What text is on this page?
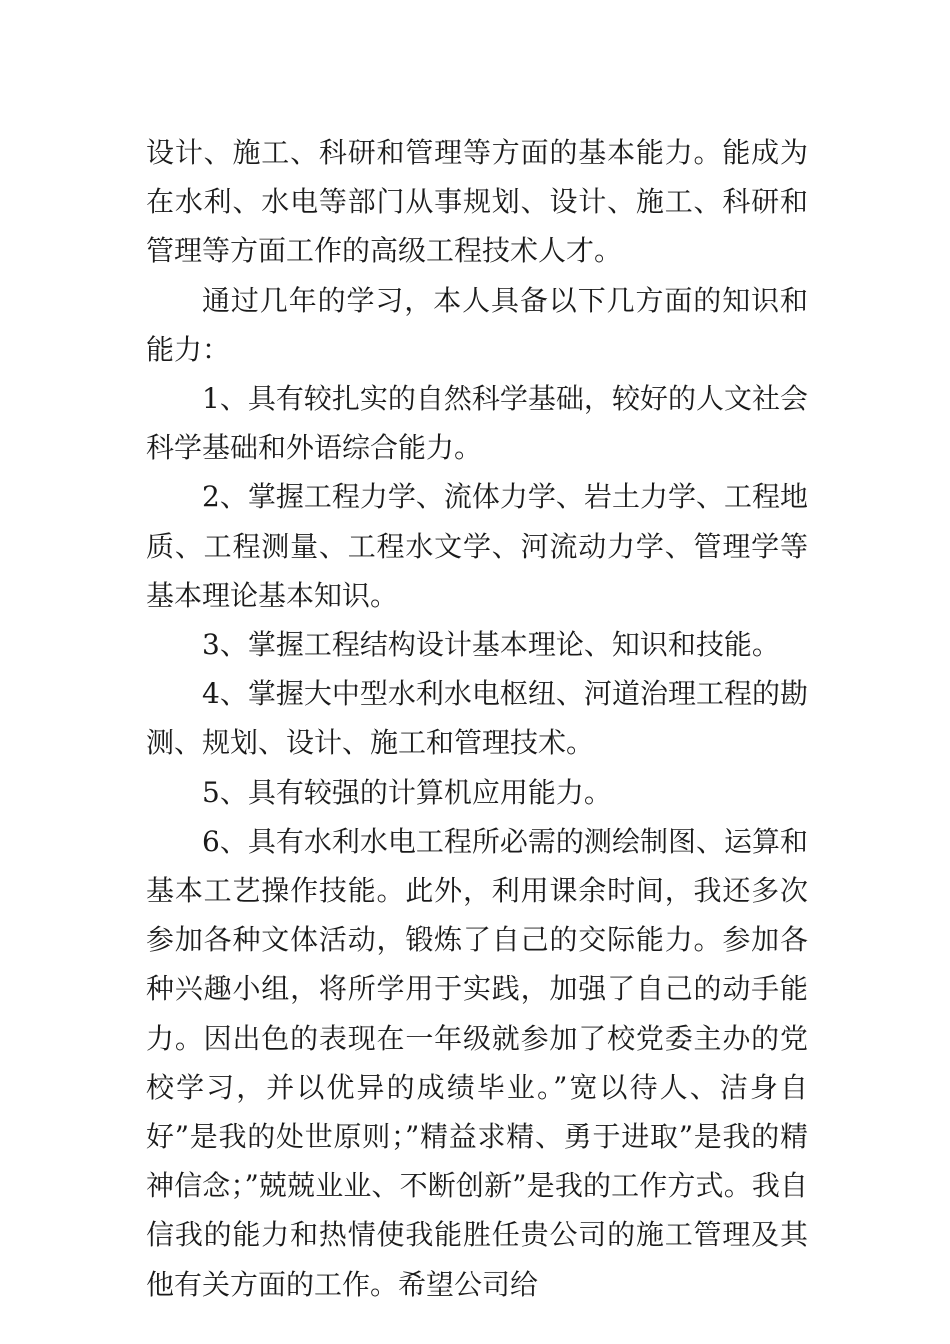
设计、施工、科研和管理等方面的基本能力。能成为在水利、水电等部门从事规划、设计、施工、科研和管理等方面工作的高级工程技术人才。

通过几年的学习，本人具备以下几方面的知识和能力：

1、具有较扎实的自然科学基础，较好的人文社会科学基础和外语综合能力。

2、掌握工程力学、流体力学、岩土力学、工程地质、工程测量、工程水文学、河流动力学、管理学等基本理论基本知识。

3、掌握工程结构设计基本理论、知识和技能。

4、掌握大中型水利水电枢纽、河道治理工程的勘测、规划、设计、施工和管理技术。

5、具有较强的计算机应用能力。

6、具有水利水电工程所必需的测绘制图、运算和基本工艺操作技能。此外，利用课余时间，我还多次参加各种文体活动，锻炼了自己的交际能力。参加各种兴趣小组，将所学用于实践，加强了自己的动手能力。因出色的表现在一年级就参加了校党委主办的党校学习，并以优异的成绩毕业。”宽以待人、洁身自好”是我的处世原则；”精益求精、勇于进取”是我的精神信念；”兢兢业业、不断创新”是我的工作方式。我自信我的能力和热情使我能胜任贵公司的施工管理及其他有关方面的工作。希望公司给
